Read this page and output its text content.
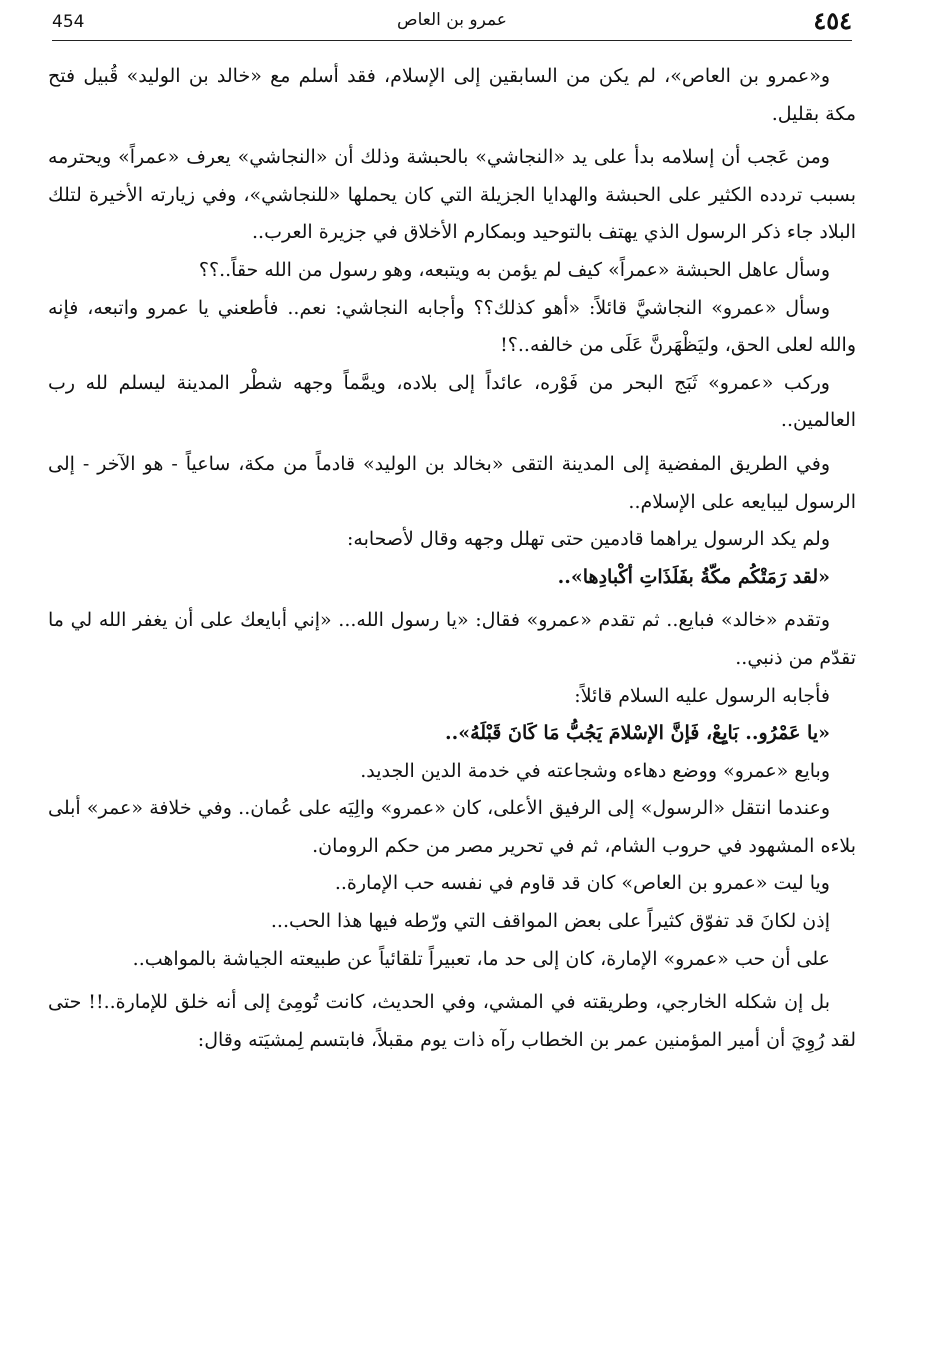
454	عمرو بن العاص	٤٥٤

و«عمرو بن العاص»، لم يكن من السابقين إلى الإسلام، فقد أسلم مع «خالد بن الوليد» قُبيل فتح مكة بقليل.

ومن عَجب أن إسلامه بدأ على يد «النجاشي» بالحبشة وذلك أن «النجاشي» يعرف «عمراً» ويحترمه بسبب تردده الكثير على الحبشة والهدايا الجزيلة التي كان يحملها «للنجاشي»، وفي زيارته الأخيرة لتلك البلاد جاء ذكر الرسول الذي يهتف بالتوحيد وبمكارم الأخلاق في جزيرة العرب..

وسأل عاهل الحبشة «عمراً» كيف لم يؤمن به ويتبعه، وهو رسول من الله حقاً..؟؟

وسأل «عمرو» النجاشيَّ قائلاً: «أهو كذلك؟؟ وأجابه النجاشي: نعم.. فأطعني يا عمرو واتبعه، فإنه والله لعلى الحق، وليَظْهَرنَّ عَلَى من خالفه..؟!

وركب «عمرو» ثَبَج البحر من فَوْره، عائداً إلى بلاده، ويمَّماً وجهه شطْر المدينة ليسلم لله رب العالمين..

وفي الطريق المفضية إلى المدينة التقى «بخالد بن الوليد» قادماً من مكة، ساعياً - هو الآخر - إلى الرسول ليبايعه على الإسلام..

ولم يكد الرسول يراهما قادمين حتى تهلل وجهه وقال لأصحابه:

«لقد رَمَتْكُم مكّةُ بفَلَذَاتِ أكْبادِها»..

وتقدم «خالد» فبايع.. ثم تقدم «عمرو» فقال: «يا رسول الله... «إني أبايعك على أن يغفر الله لي ما تقدّم من ذنبي..

فأجابه الرسول عليه السلام قائلاً:

«يا عَمْرُو.. بَايِعْ، فَإنَّ الإسْلامَ يَجُبُّ مَا كَانَ قَبْلَهُ»..

وبايع «عمرو» ووضع دهاءه وشجاعته في خدمة الدين الجديد.

وعندما انتقل «الرسول» إلى الرفيق الأعلى، كان «عمرو» والِيَه على عُمان.. وفي خلافة «عمر» أبلى بلاءه المشهود في حروب الشام، ثم في تحرير مصر من حكم الرومان.

ويا ليت «عمرو بن العاص» كان قد قاوم في نفسه حب الإمارة..

إذن لكانَ قد تفوّق كثيراً على بعض المواقف التي ورّطه فيها هذا الحب...

على أن حب «عمرو» الإمارة، كان إلى حد ما، تعبيراً تلقائياً عن طبيعته الجياشة بالمواهب..

بل إن شكله الخارجي، وطريقته في المشي، وفي الحديث، كانت تُومِئ إلى أنه خلق للإمارة..!! حتى لقد رُوِيَ أن أمير المؤمنين عمر بن الخطاب رآه ذات يوم مقبلاً، فابتسم لِمشيَته وقال:
